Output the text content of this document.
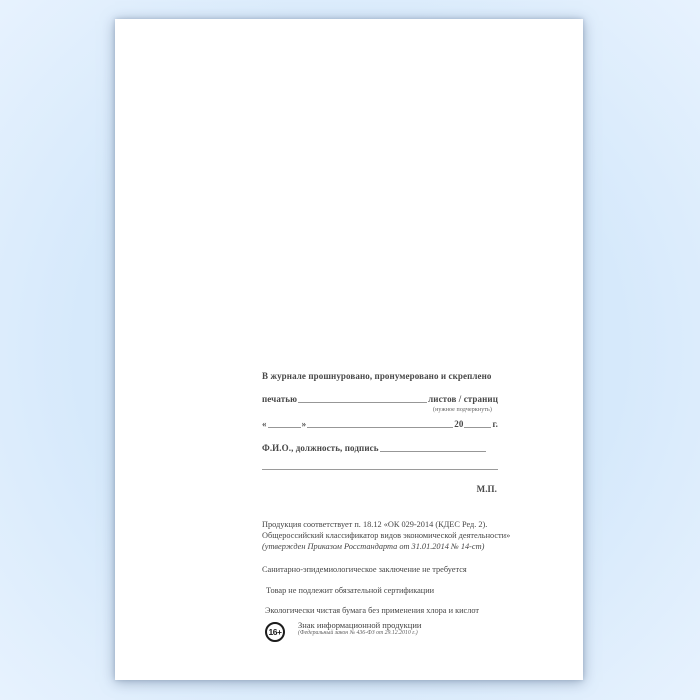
В журнале прошнуровано, пронумеровано и скреплено
печатью	листов / страниц
(нужное подчеркнуть)
«	»	20	г.
Ф.И.О., должность, подпись
М.П.
Продукция соответствует п. 18.12 «ОК 029-2014 (КДЕС Ред. 2).
Общероссийский классификатор видов экономической деятельности»
(утвержден Приказом Росстандарта от 31.01.2014 № 14-ст)
Санитарно-эпидемиологическое заключение не требуется
Товар не подлежит обязательной сертификации
Экологически чистая бумага без применения хлора и кислот
16+
Знак информационной продукции
(Федеральный закон № 436-ФЗ от 29.12.2010 г.)
